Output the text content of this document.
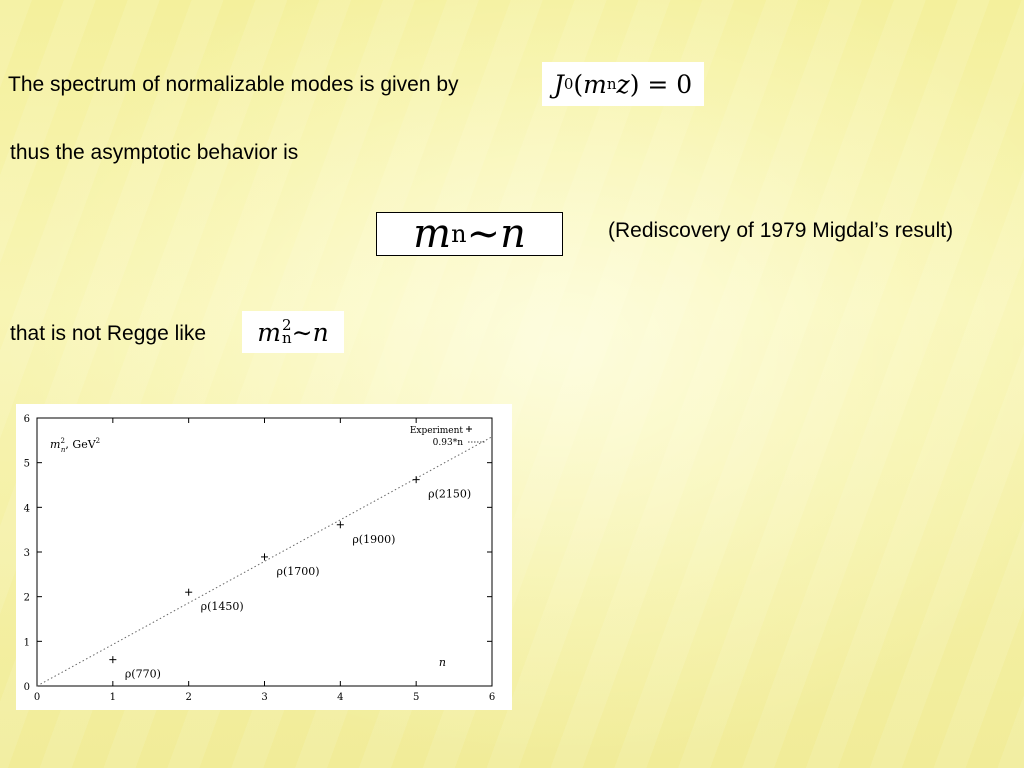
The spectrum of normalizable modes is given by	J 0 ( m n z ) = 0
thus the asymptotic behavior is
m n ∼ n	(Rediscovery of 1979 Migdal’s result)
that is not Regge like m 2
n ∼ n
0	1	2	3	4	5	6
0
1
2
3
4
5
6
$m^2$ n, GeV$^2$
n
ρ(770)
ρ(1450)
ρ(1700)
ρ(1900)
ρ(2150)
Experiment
0.93*n
